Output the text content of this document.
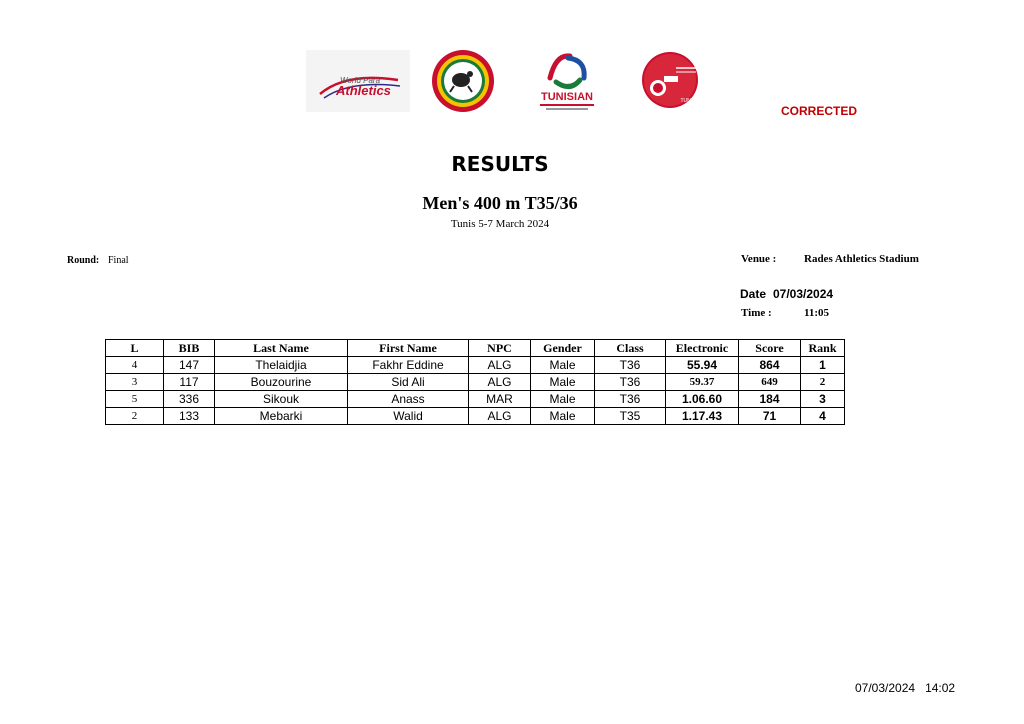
World Para
Athletics	TUNISIAN	TUNIS
CORRECTED
RESULTS
Men's 400 m T35/36
Tunis 5-7 March 2024
Round: Final	Venue :	Rades Athletics Stadium
Date 07/03/2024
Time :	11:05
L	BIB	Last Name	First Name	NPC	Gender	Class	Electronic	Score	Rank
4	147	Thelaidjia	Fakhr Eddine	ALG	Male	T36	55.94	864	1
3	117	Bouzourine	Sid Ali	ALG	Male	T36	59.37	649	2
5	336	Sikouk	Anass	MAR	Male	T36	1.06.60	184	3
2	133	Mebarki	Walid	ALG	Male	T35	1.17.43	71	4
07/03/2024 14:02
